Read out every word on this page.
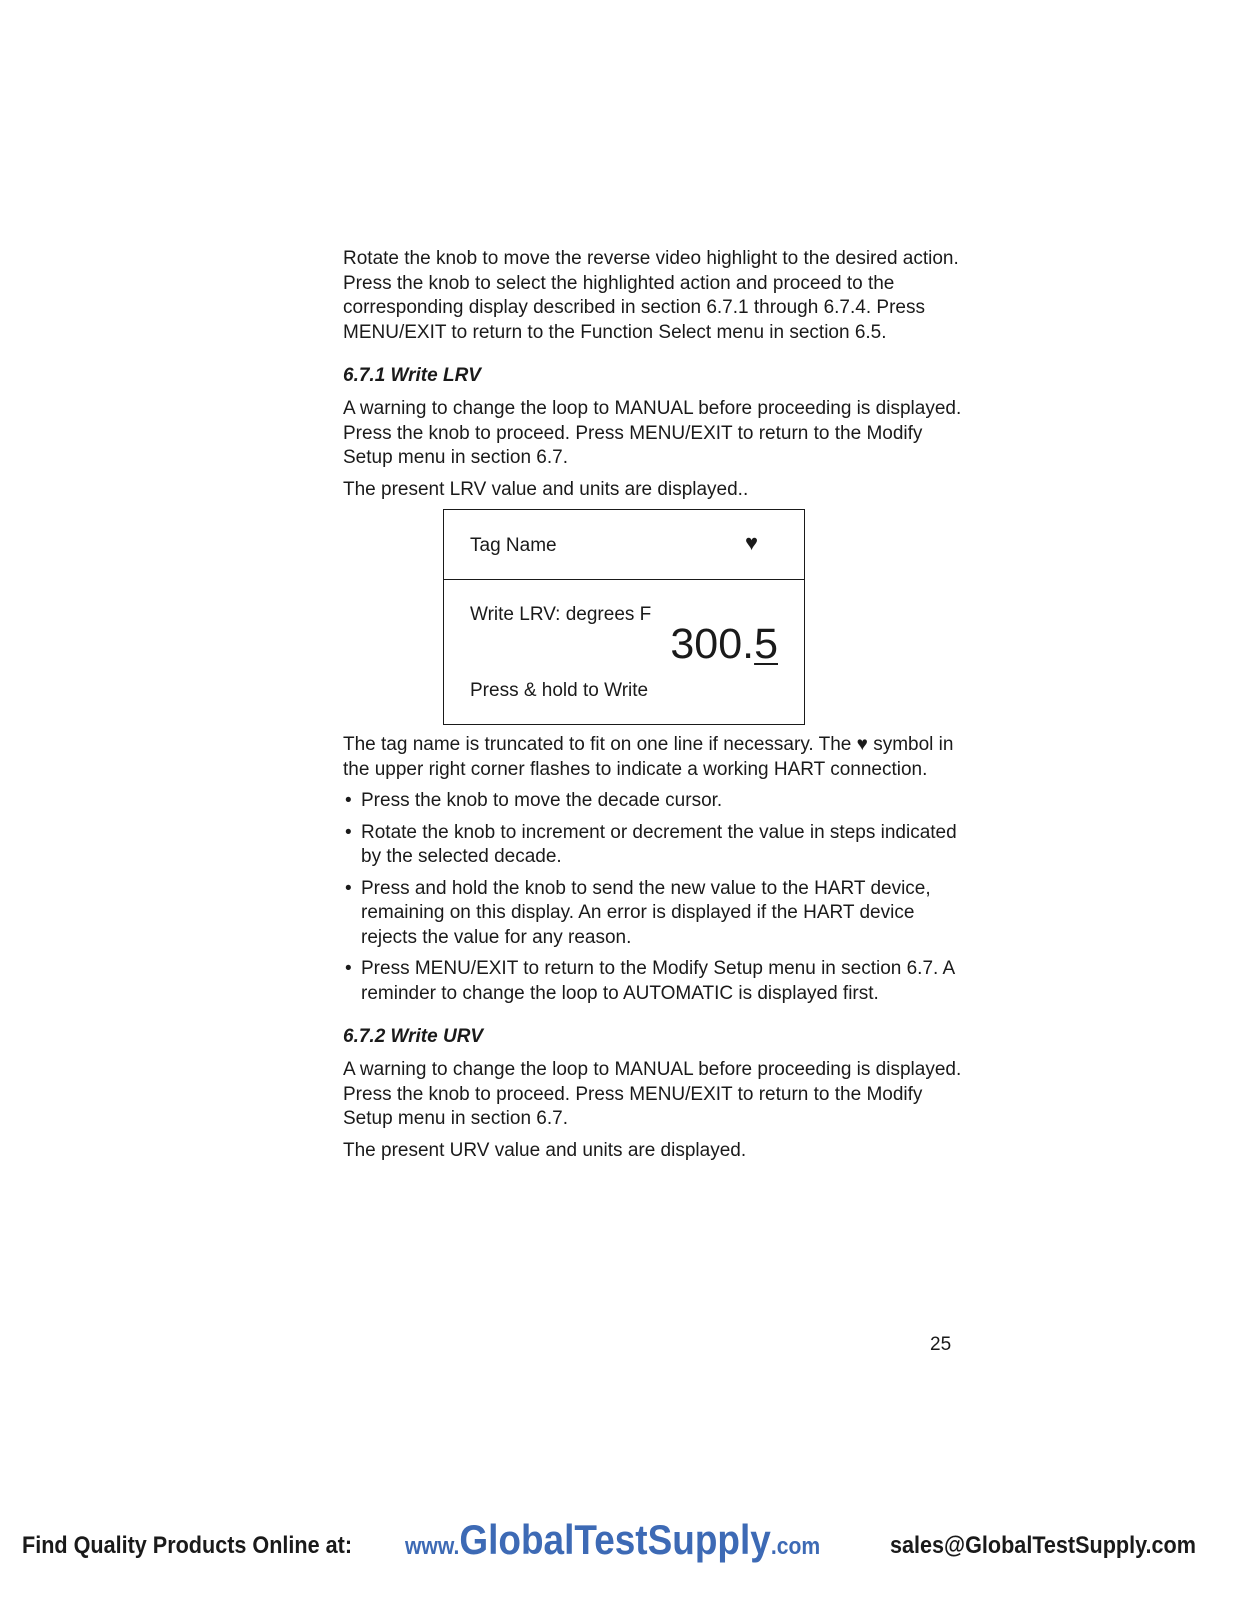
Rotate the knob to move the reverse video highlight to the desired action. Press the knob to select the highlighted action and proceed to the corresponding display described in section 6.7.1 through 6.7.4. Press MENU/EXIT to return to the Function Select menu in section 6.5.

6.7.1 Write LRV

A warning to change the loop to MANUAL before proceeding is displayed. Press the knob to proceed. Press MENU/EXIT to return to the Modify Setup menu in section 6.7.

The present LRV value and units are displayed..

Tag Name	♥
Write LRV: degrees F
300.5
Press & hold to Write

The tag name is truncated to fit on one line if necessary. The ♥ symbol in the upper right corner flashes to indicate a working HART connection.

• Press the knob to move the decade cursor.
• Rotate the knob to increment or decrement the value in steps indicated by the selected decade.
• Press and hold the knob to send the new value to the HART device, remaining on this display. An error is displayed if the HART device rejects the value for any reason.
• Press MENU/EXIT to return to the Modify Setup menu in section 6.7. A reminder to change the loop to AUTOMATIC is displayed first.
6.7.2 Write URV

A warning to change the loop to MANUAL before proceeding is displayed. Press the knob to proceed. Press MENU/EXIT to return to the Modify Setup menu in section 6.7.

The present URV value and units are displayed.

25
Find Quality Products Online at: www.GlobalTestSupply.com	sales@GlobalTestSupply.com
